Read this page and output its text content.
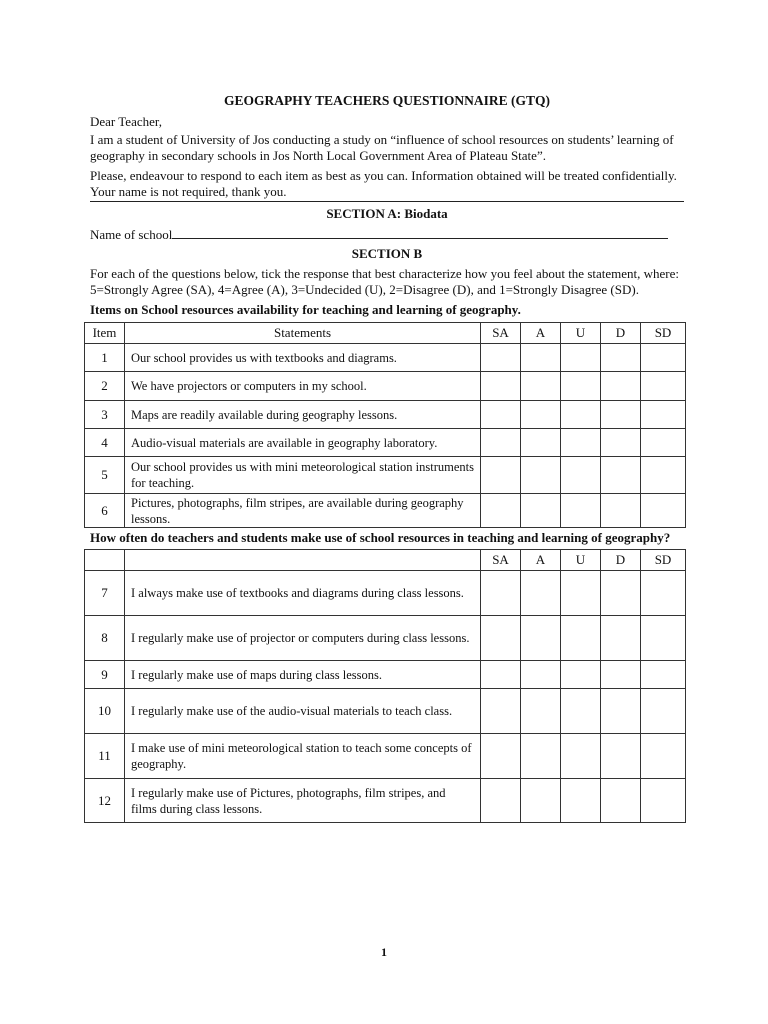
GEOGRAPHY TEACHERS QUESTIONNAIRE (GTQ)

Dear Teacher,

I am a student of University of Jos conducting a study on “influence of school resources on students’ learning of geography in secondary schools in Jos North Local Government Area of Plateau State”.

Please, endeavour to respond to each item as best as you can. Information obtained will be treated confidentially. Your name is not required, thank you.

SECTION A: Biodata

Name of school

SECTION B

For each of the questions below, tick the response that best characterize how you feel about the statement, where: 5=Strongly Agree (SA), 4=Agree (A), 3=Undecided (U), 2=Disagree (D), and 1=Strongly Disagree (SD).

Items on School resources availability for teaching and learning of geography.

Item	Statements	SA	A	U	D	SD
1	Our school provides us with textbooks and diagrams.					
2	We have projectors or computers in my school.					
3	Maps are readily available during geography lessons.					
4	Audio-visual materials are available in geography laboratory.					
5	Our school provides us with mini meteorological station instruments for teaching.					
6	Pictures, photographs, film stripes, are available during geography lessons.					

How often do teachers and students make use of school resources in teaching and learning of geography?

		SA	A	U	D	SD
7	I always make use of textbooks and diagrams during class lessons.					
8	I regularly make use of projector or computers during class lessons.					
9	I regularly make use of maps during class lessons.					
10	I regularly make use of the audio-visual materials to teach class.					
11	I make use of mini meteorological station to teach some concepts of geography.					
12	I regularly make use of Pictures, photographs, film stripes, and films during class lessons.					
1
